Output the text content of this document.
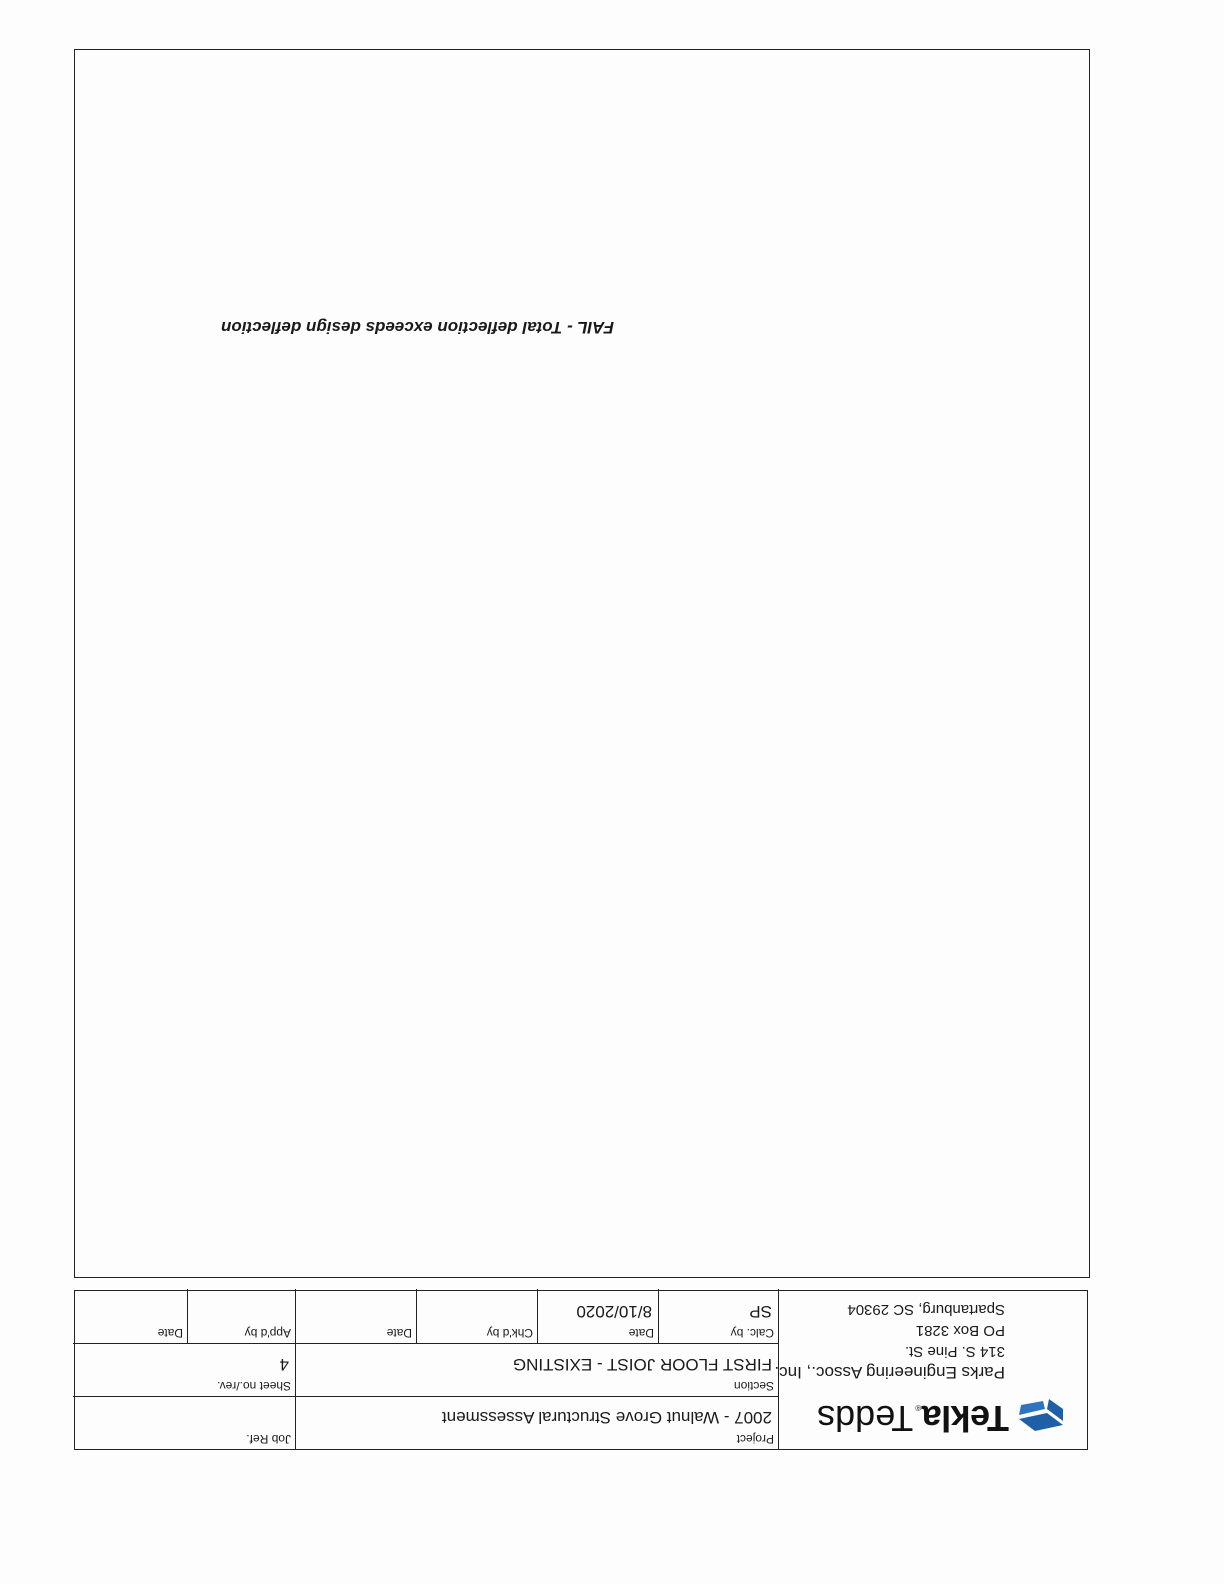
Tekla
®
Tedds
Parks Engineering Assoc., Inc.
314 S. Pine St.
PO Box 3281
Spartanburg, SC 29304
Project
2007 - Walnut Grove Structural Assessment
Job Ref.
Section
FIRST FLOOR JOIST - EXISTING
Sheet no./rev.
4
Calc. by
SP
Date
8/10/2020
Chk'd by
Date
App'd by
Date
FAIL - Total deflection exceeds design deflection
